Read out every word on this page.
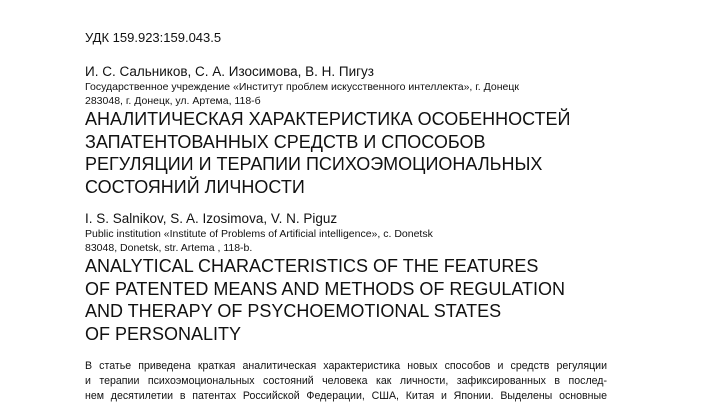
УДК 159.923:159.043.5
И. С. Сальников, С. А. Изосимова, В. Н. Пигуз
Государственное учреждение «Институт проблем искусственного интеллекта», г. Донецк
283048, г. Донецк, ул. Артема, 118-б
АНАЛИТИЧЕСКАЯ ХАРАКТЕРИСТИКА ОСОБЕННОСТЕЙ
ЗАПАТЕНТОВАННЫХ СРЕДСТВ И СПОСОБОВ
РЕГУЛЯЦИИ И ТЕРАПИИ ПСИХОЭМОЦИОНАЛЬНЫХ
СОСТОЯНИЙ ЛИЧНОСТИ
I. S. Salnikov, S. A. Izosimova, V. N. Piguz
Public institution «Institute of Problems of Artificial intelligence», c. Donetsk
83048, Donetsk, str. Artema , 118-b.
ANALYTICAL CHARACTERISTICS OF THE FEATURES
OF PATENTED MEANS AND METHODS OF REGULATION
AND THERAPY OF PSYCHOEMOTIONAL STATES
OF PERSONALITY
В статье приведена краткая аналитическая характеристика новых способов и средств регуляции
и терапии психоэмоциональных состояний человека как личности, зафиксированных в послед-
нем десятилетии в патентах Российской Федерации, США, Китая и Японии. Выделены основные
